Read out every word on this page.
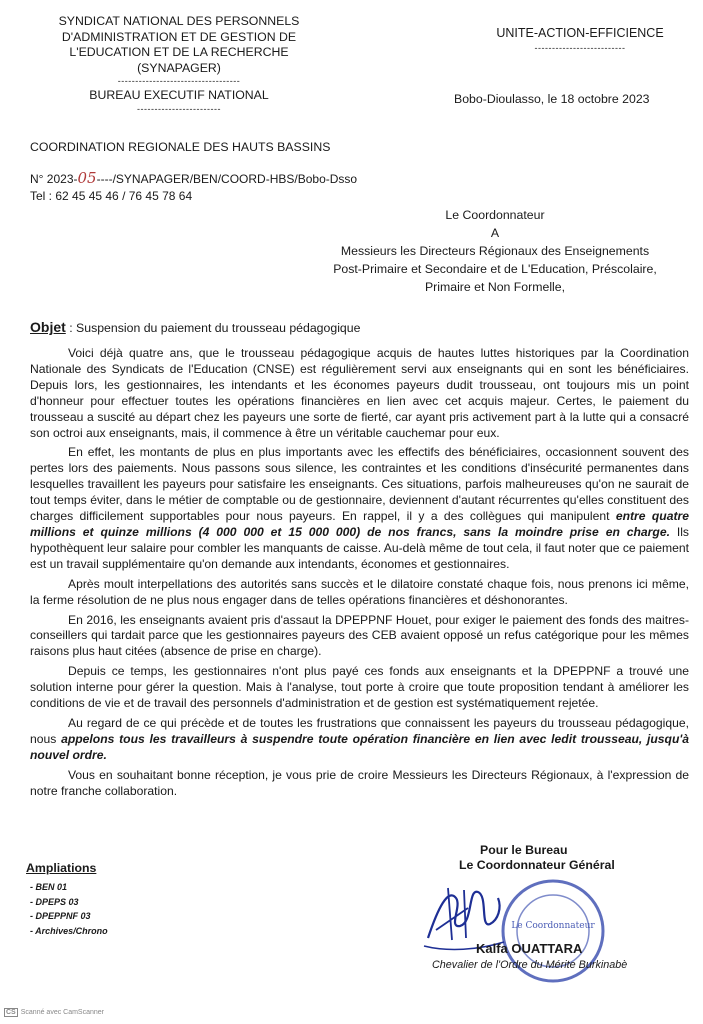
SYNDICAT NATIONAL DES PERSONNELS
D'ADMINISTRATION ET DE GESTION DE
L'EDUCATION ET DE LA RECHERCHE
(SYNAPAGER)
-----------------------------------
BUREAU EXECUTIF NATIONAL
------------------------
UNITE-ACTION-EFFICIENCE
--------------------------
Bobo-Dioulasso, le 18 octobre 2023
COORDINATION REGIONALE DES HAUTS BASSINS
N° 2023-05----/SYNAPAGER/BEN/COORD-HBS/Bobo-Dsso
Tel : 62 45 45 46 / 76 45 78 64
Le Coordonnateur
A
Messieurs les Directeurs Régionaux des Enseignements
Post-Primaire et Secondaire et de L'Education, Préscolaire,
Primaire et Non Formelle,
Objet : Suspension du paiement du trousseau pédagogique

Voici déjà quatre ans, que le trousseau pédagogique acquis de hautes luttes historiques par la Coordination Nationale des Syndicats de l'Education (CNSE) est régulièrement servi aux enseignants qui en sont les bénéficiaires. Depuis lors, les gestionnaires, les intendants et les économes payeurs dudit trousseau, ont toujours mis un point d'honneur pour effectuer toutes les opérations financières en lien avec cet acquis majeur. Certes, le paiement du trousseau a suscité au départ chez les payeurs une sorte de fierté, car ayant pris activement part à la lutte qui a consacré son octroi aux enseignants, mais, il commence à être un véritable cauchemar pour eux.

En effet, les montants de plus en plus importants avec les effectifs des bénéficiaires, occasionnent souvent des pertes lors des paiements. Nous passons sous silence, les contraintes et les conditions d'insécurité permanentes dans lesquelles travaillent les payeurs pour satisfaire les enseignants. Ces situations, parfois malheureuses qu'on ne saurait de tout temps éviter, dans le métier de comptable ou de gestionnaire, deviennent d'autant récurrentes qu'elles constituent des charges difficilement supportables pour nous payeurs. En rappel, il y a des collègues qui manipulent entre quatre millions et quinze millions (4 000 000 et 15 000 000) de nos francs, sans la moindre prise en charge. Ils hypothèquent leur salaire pour combler les manquants de caisse. Au-delà même de tout cela, il faut noter que ce paiement est un travail supplémentaire qu'on demande aux intendants, économes et gestionnaires.

Après moult interpellations des autorités sans succès et le dilatoire constaté chaque fois, nous prenons ici même, la ferme résolution de ne plus nous engager dans de telles opérations financières et déshonorantes.

En 2016, les enseignants avaient pris d'assaut la DPEPPNF Houet, pour exiger le paiement des fonds des maitres-conseillers qui tardait parce que les gestionnaires payeurs des CEB avaient opposé un refus catégorique pour les mêmes raisons plus haut citées (absence de prise en charge).

Depuis ce temps, les gestionnaires n'ont plus payé ces fonds aux enseignants et la DPEPPNF a trouvé une solution interne pour gérer la question. Mais à l'analyse, tout porte à croire que toute proposition tendant à améliorer les conditions de vie et de travail des personnels d'administration et de gestion est systématiquement rejetée.

Au regard de ce qui précède et de toutes les frustrations que connaissent les payeurs du trousseau pédagogique, nous appelons tous les travailleurs à suspendre toute opération financière en lien avec ledit trousseau, jusqu'à nouvel ordre.

Vous en souhaitant bonne réception, je vous prie de croire Messieurs les Directeurs Régionaux, à l'expression de notre franche collaboration.

Pour le Bureau
Le Coordonnateur Général
Ampliations
- BEN 01
- DPEPS 03
- DPEPPNF 03
- Archives/Chrono	Le Coordonnateur
Kalfa OUATTARA
Chevalier de l'Ordre du Mérite Burkinabè
CS Scanné avec CamScanner
